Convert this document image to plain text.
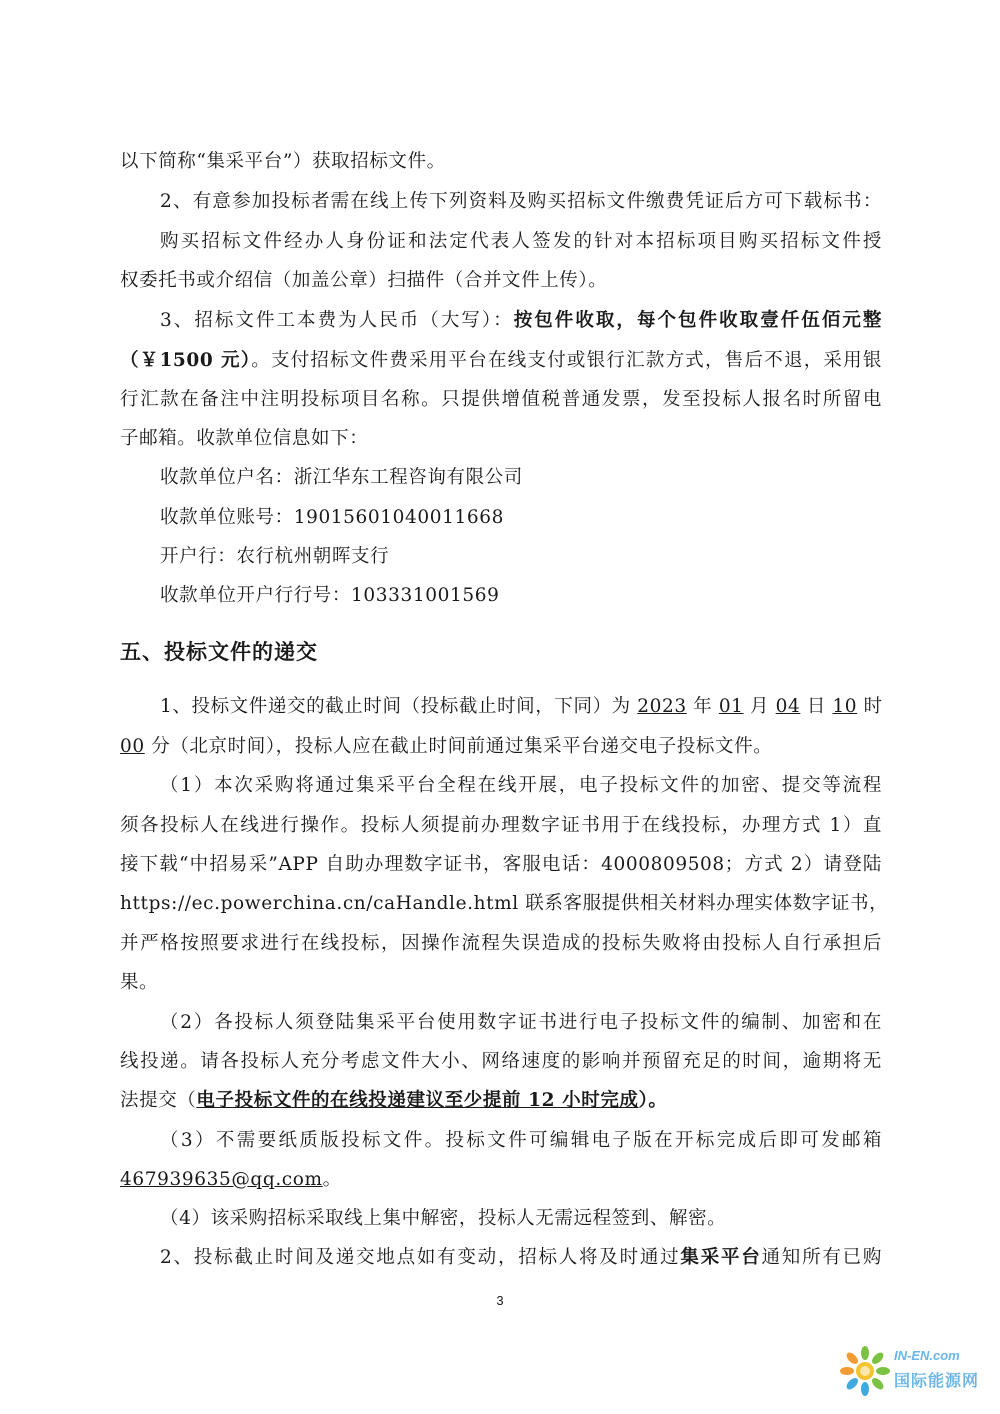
以下简称“集采平台”）获取招标文件。
2、有意参加投标者需在线上传下列资料及购买招标文件缴费凭证后方可下载标书：
购买招标文件经办人身份证和法定代表人签发的针对本招标项目购买招标文件授
权委托书或介绍信（加盖公章）扫描件（合并文件上传）。
3、招标文件工本费为人民币（大写）：按包件收取，每个包件收取壹仟伍佰元整
（￥1500 元）。支付招标文件费采用平台在线支付或银行汇款方式，售后不退，采用银
行汇款在备注中注明投标项目名称。只提供增值税普通发票，发至投标人报名时所留电
子邮箱。收款单位信息如下：
收款单位户名：浙江华东工程咨询有限公司
收款单位账号：19015601040011668
开户行：农行杭州朝晖支行
收款单位开户行行号：103331001569
五、投标文件的递交
1、投标文件递交的截止时间（投标截止时间，下同）为 2023 年 01 月 04 日 10 时
00 分（北京时间），投标人应在截止时间前通过集采平台递交电子投标文件。
（1）本次采购将通过集采平台全程在线开展，电子投标文件的加密、提交等流程
须各投标人在线进行操作。投标人须提前办理数字证书用于在线投标，办理方式 1）直
接下载“中招易采”APP 自助办理数字证书，客服电话：4000809508；方式 2）请登陆
https://ec.powerchina.cn/caHandle.html 联系客服提供相关材料办理实体数字证书，
并严格按照要求进行在线投标，因操作流程失误造成的投标失败将由投标人自行承担后
果。
（2）各投标人须登陆集采平台使用数字证书进行电子投标文件的编制、加密和在
线投递。请各投标人充分考虑文件大小、网络速度的影响并预留充足的时间，逾期将无
法提交（电子投标文件的在线投递建议至少提前 12 小时完成）。
（3）不需要纸质版投标文件。投标文件可编辑电子版在开标完成后即可发邮箱
467939635@qq.com。
（4）该采购招标采取线上集中解密，投标人无需远程签到、解密。
2、投标截止时间及递交地点如有变动，招标人将及时通过集采平台通知所有已购
3
IN-EN.com
国际能源网
